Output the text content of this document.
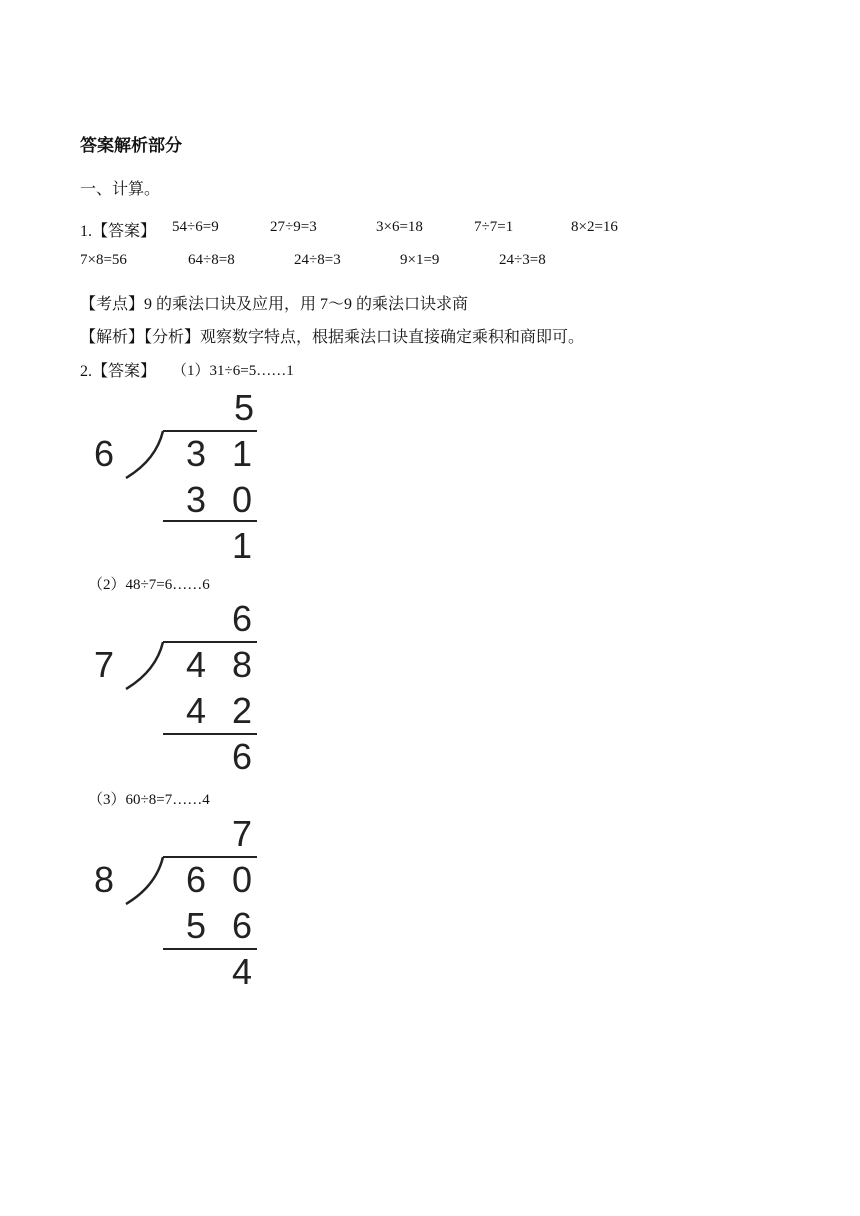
答案解析部分
一、计算。
1.【答案】 54÷6=9	27÷9=3	3×6=18	7÷7=1	8×2=16
7×8=56	64÷8=8	24÷8=3	9×1=9	24÷3=8
【考点】9 的乘法口诀及应用，用 7～9 的乘法口诀求商
【解析】【分析】观察数字特点，根据乘法口诀直接确定乘积和商即可。
2.【答案】 （1）31÷6=5……1
5
6 3 1
3 0
1
（2）48÷7=6……6
6
7 4 8
4 2
6
（3）60÷8=7……4
7
8 6 0
5 6
4
